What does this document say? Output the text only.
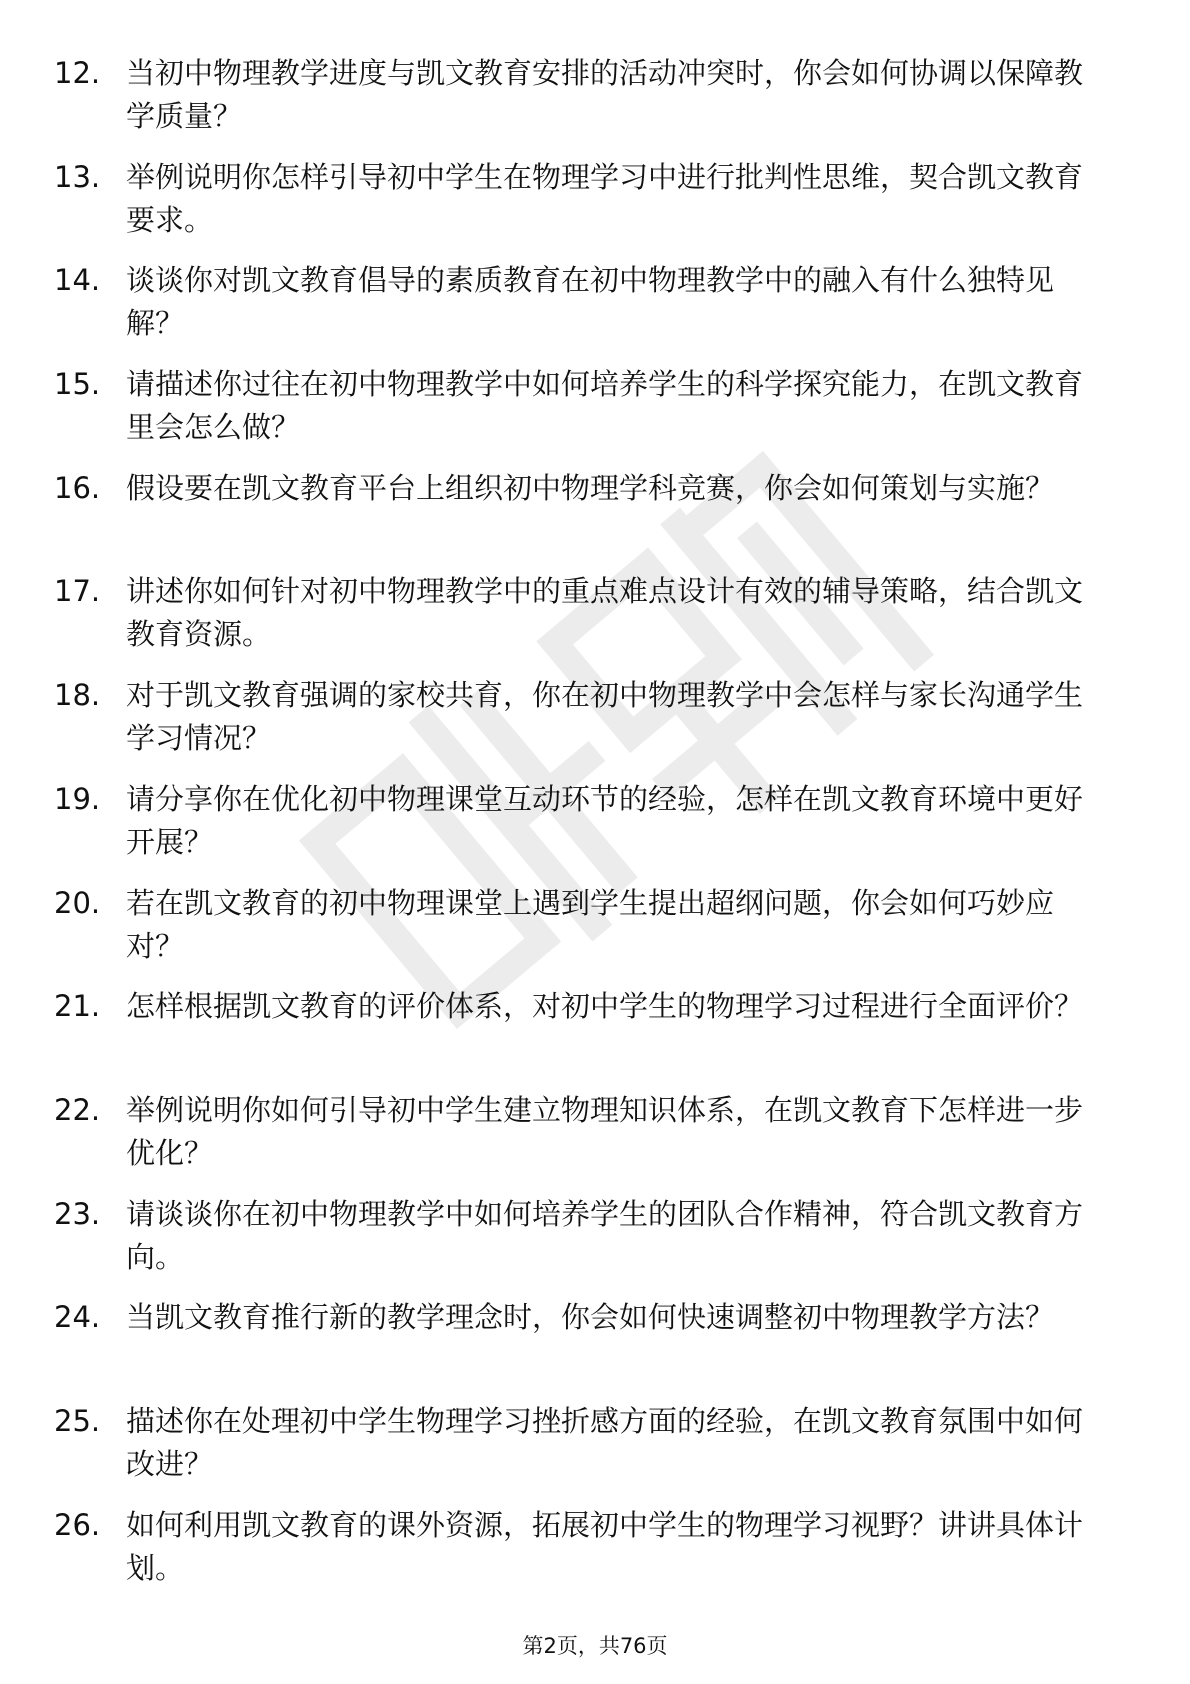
12. 当初中物理教学进度与凯文教育安排的活动冲突时，你会如何协调以保障教学质量？
13. 举例说明你怎样引导初中学生在物理学习中进行批判性思维，契合凯文教育要求。
14. 谈谈你对凯文教育倡导的素质教育在初中物理教学中的融入有什么独特见解？
15. 请描述你过往在初中物理教学中如何培养学生的科学探究能力，在凯文教育里会怎么做？
16. 假设要在凯文教育平台上组织初中物理学科竞赛，你会如何策划与实施？
17. 讲述你如何针对初中物理教学中的重点难点设计有效的辅导策略，结合凯文教育资源。
18. 对于凯文教育强调的家校共育，你在初中物理教学中会怎样与家长沟通学生学习情况？
19. 请分享你在优化初中物理课堂互动环节的经验，怎样在凯文教育环境中更好开展？
20. 若在凯文教育的初中物理课堂上遇到学生提出超纲问题，你会如何巧妙应对？
21. 怎样根据凯文教育的评价体系，对初中学生的物理学习过程进行全面评价？
22. 举例说明你如何引导初中学生建立物理知识体系，在凯文教育下怎样进一步优化？
23. 请谈谈你在初中物理教学中如何培养学生的团队合作精神，符合凯文教育方向。
24. 当凯文教育推行新的教学理念时，你会如何快速调整初中物理教学方法？
25. 描述你在处理初中学生物理学习挫折感方面的经验，在凯文教育氛围中如何改进？
26. 如何利用凯文教育的课外资源，拓展初中学生的物理学习视野？讲讲具体计划。
第2页，共76页
